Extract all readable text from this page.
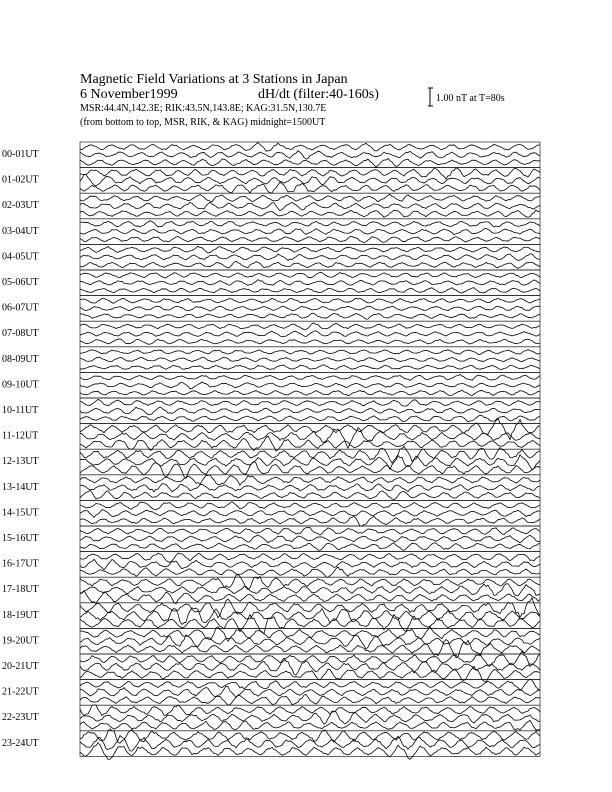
Magnetic Field Variations at 3 Stations in Japan
6 November1999	dH/dt (filter:40-160s)
MSR:44.4N,142.3E; RIK:43.5N,143.8E; KAG:31.5N,130.7E
(from bottom to top, MSR, RIK, & KAG) midnight=1500UT
1.00 nT at T=80s
00-01UT
01-02UT
02-03UT
03-04UT
04-05UT
05-06UT
06-07UT
07-08UT
08-09UT
09-10UT
10-11UT
11-12UT
12-13UT
13-14UT
14-15UT
15-16UT
16-17UT
17-18UT
18-19UT
19-20UT
20-21UT
21-22UT
22-23UT
23-24UT
